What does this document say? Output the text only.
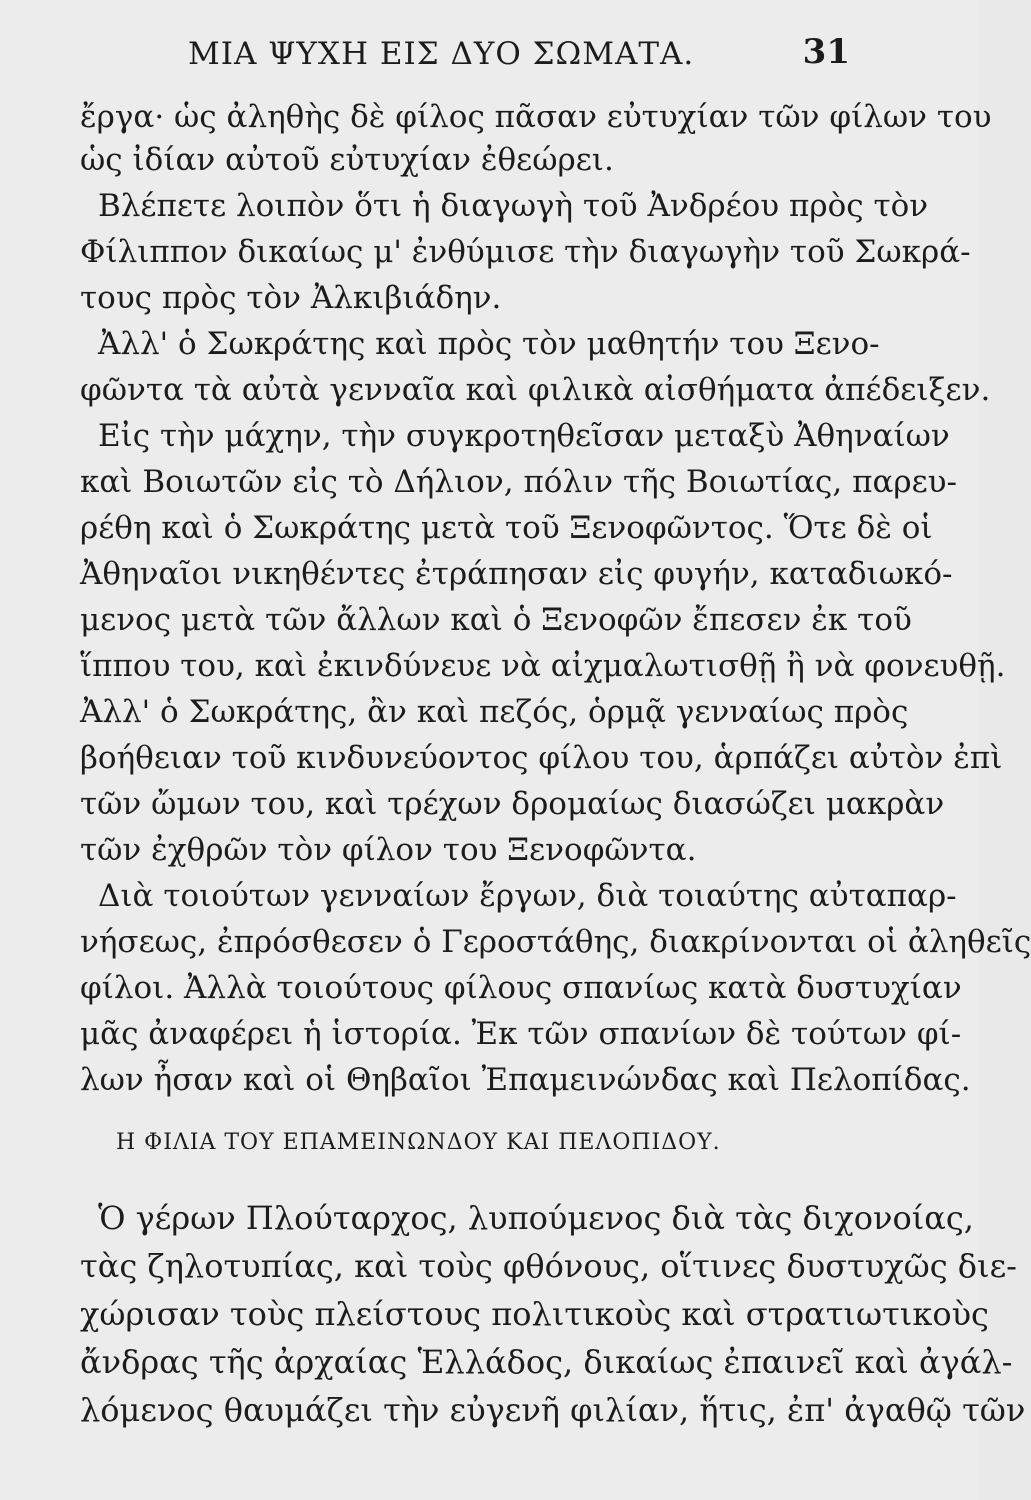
ΜΙΑ ΨΥΧΗ ΕΙΣ ΔΥΟ ΣΩΜΑΤΑ.	31
ἔργα· ὡς ἀληθὴς δὲ φίλος πᾶσαν εὐτυχίαν τῶν φίλων του
ὡς ἰδίαν αὐτοῦ εὐτυχίαν ἐθεώρει.
Βλέπετε λοιπὸν ὅτι ἡ διαγωγὴ τοῦ Ἀνδρέου πρὸς τὸν
Φίλιππον δικαίως μ' ἐνθύμισε τὴν διαγωγὴν τοῦ Σωκρά-
τους πρὸς τὸν Ἀλκιβιάδην.
Ἀλλ' ὁ Σωκράτης καὶ πρὸς τὸν μαθητήν του Ξενο-
φῶντα τὰ αὐτὰ γενναῖα καὶ φιλικὰ αἰσθήματα ἀπέδειξεν.
Εἰς τὴν μάχην, τὴν συγκροτηθεῖσαν μεταξὺ Ἀθηναίων
καὶ Βοιωτῶν εἰς τὸ Δήλιον, πόλιν τῆς Βοιωτίας, παρευ-
ρέθη καὶ ὁ Σωκράτης μετὰ τοῦ Ξενοφῶντος. Ὅτε δὲ οἱ
Ἀθηναῖοι νικηθέντες ἐτράπησαν εἰς φυγήν, καταδιωκό-
μενος μετὰ τῶν ἄλλων καὶ ὁ Ξενοφῶν ἔπεσεν ἐκ τοῦ
ἵππου του, καὶ ἐκινδύνευε νὰ αἰχμαλωτισθῇ ἢ νὰ φονευθῇ.
Ἀλλ' ὁ Σωκράτης, ἂν καὶ πεζός, ὁρμᾷ γενναίως πρὸς
βοήθειαν τοῦ κινδυνεύοντος φίλου του, ἁρπάζει αὐτὸν ἐπὶ
τῶν ὤμων του, καὶ τρέχων δρομαίως διασώζει μακρὰν
τῶν ἐχθρῶν τὸν φίλον του Ξενοφῶντα.
Διὰ τοιούτων γενναίων ἔργων, διὰ τοιαύτης αὐταπαρ-
νήσεως, ἐπρόσθεσεν ὁ Γεροστάθης, διακρίνονται οἱ ἀληθεῖς
φίλοι. Ἀλλὰ τοιούτους φίλους σπανίως κατὰ δυστυχίαν
μᾶς ἀναφέρει ἡ ἱστορία. Ἐκ τῶν σπανίων δὲ τούτων φί-
λων ἦσαν καὶ οἱ Θηβαῖοι Ἐπαμεινώνδας καὶ Πελοπίδας.
Η ΦΙΛΙΑ ΤΟΥ ΕΠΑΜΕΙΝΩΝΔΟΥ ΚΑΙ ΠΕΛΟΠΙΔΟΥ.
Ὁ γέρων Πλούταρχος, λυπούμενος διὰ τὰς διχονοίας,
τὰς ζηλοτυπίας, καὶ τοὺς φθόνους, οἵτινες δυστυχῶς διε-
χώρισαν τοὺς πλείστους πολιτικοὺς καὶ στρατιωτικοὺς
ἄνδρας τῆς ἀρχαίας Ἑλλάδος, δικαίως ἐπαινεῖ καὶ ἀγάλ-
λόμενος θαυμάζει τὴν εὐγενῆ φιλίαν, ἥτις, ἐπ' ἀγαθῷ τῶν
